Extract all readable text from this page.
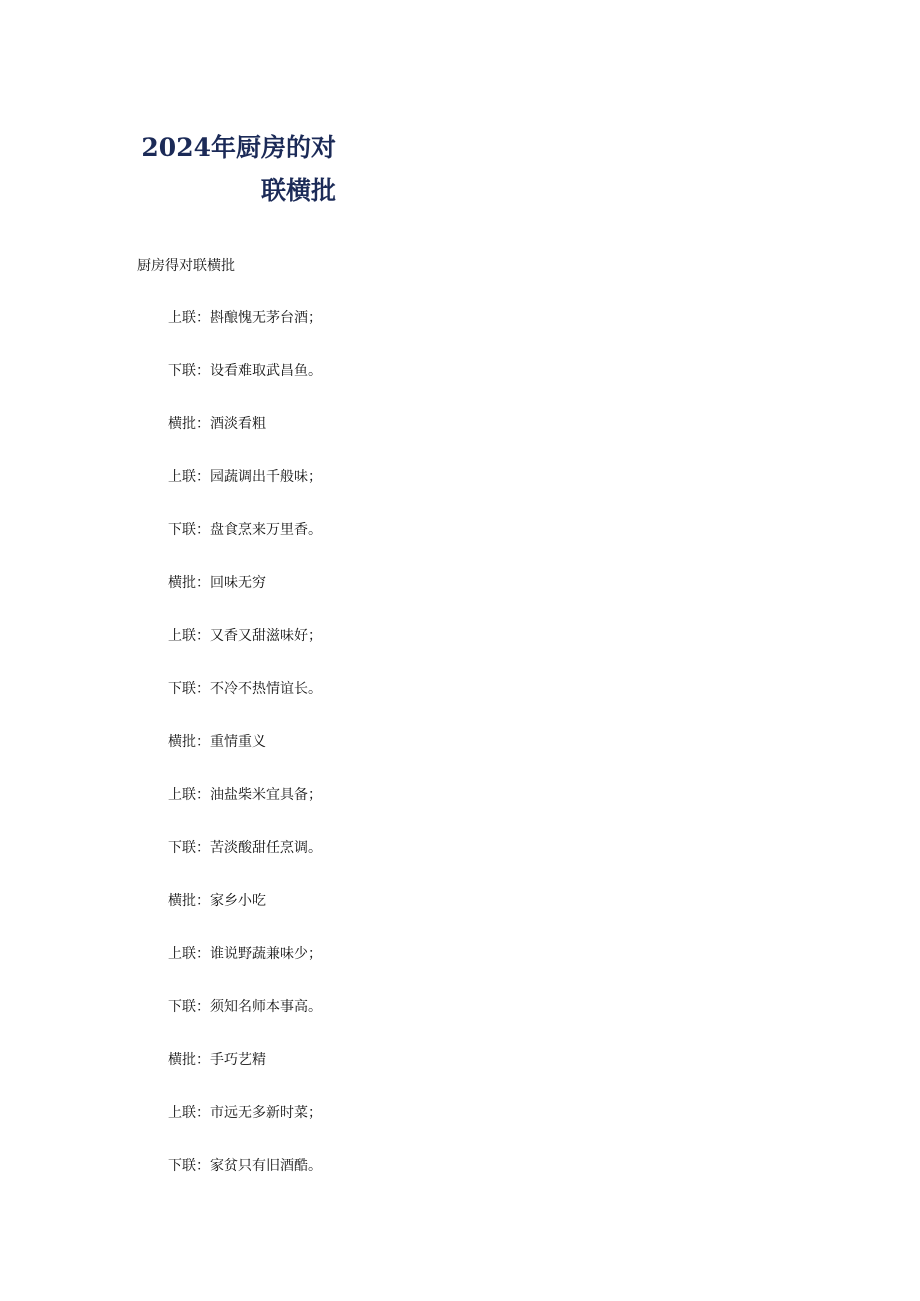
2024年厨房的对
联横批

厨房得对联横批

上联：斟酿愧无茅台酒；
下联：设看难取武昌鱼。
横批：酒淡看粗
上联：园蔬调出千般味；
下联：盘食烹来万里香。
横批：回味无穷
上联：又香又甜滋味好；
下联：不冷不热情谊长。
横批：重情重义
上联：油盐柴米宜具备；
下联：苦淡酸甜任烹调。
横批：家乡小吃
上联：谁说野蔬兼味少；
下联：须知名师本事高。
横批：手巧艺精
上联：市远无多新时菜；
下联：家贫只有旧酒酷。
